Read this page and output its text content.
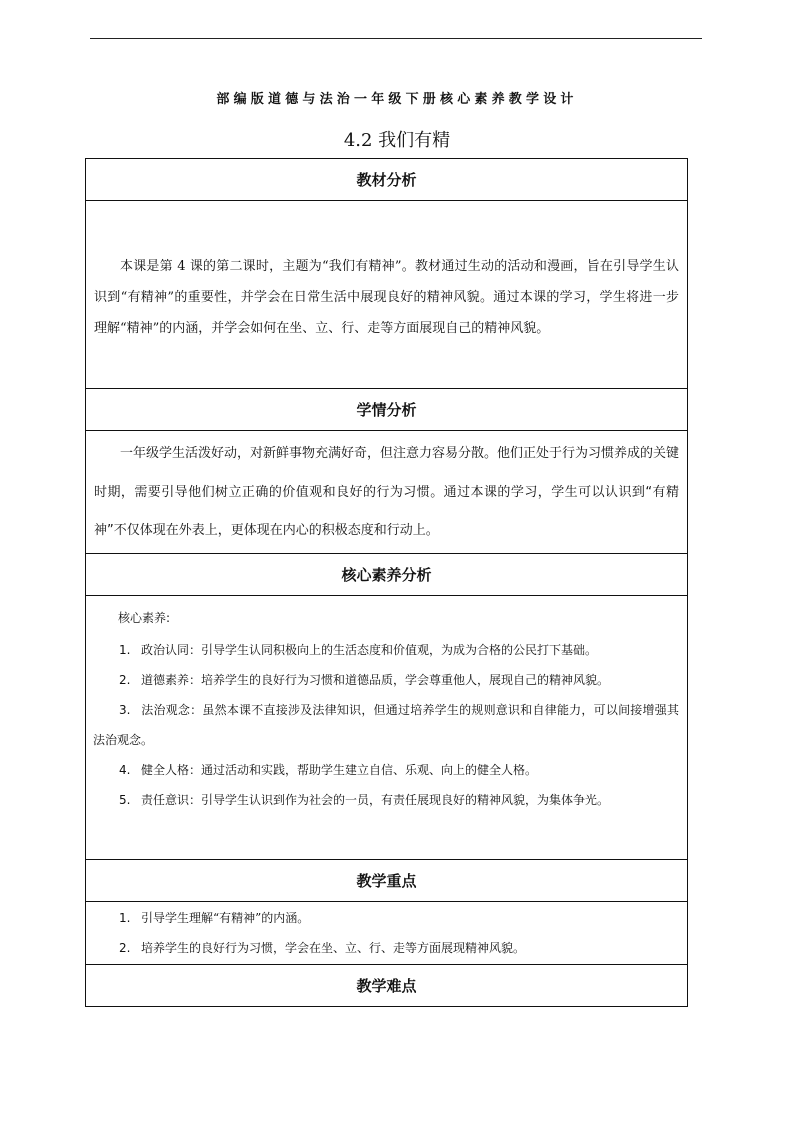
部编版道德与法治一年级下册核心素养教学设计
4.2 我们有精
教材分析

本课是第 4 课的第二课时，主题为“我们有精神”。教材通过生动的活动和漫画，旨在引导学生认识到“有精神”的重要性，并学会在日常生活中展现良好的精神风貌。通过本课的学习，学生将进一步理解“精神”的内涵，并学会如何在坐、立、行、走等方面展现自己的精神风貌。

学情分析

一年级学生活泼好动，对新鲜事物充满好奇，但注意力容易分散。他们正处于行为习惯养成的关键时期，需要引导他们树立正确的价值观和良好的行为习惯。通过本课的学习，学生可以认识到“有精神”不仅体现在外表上，更体现在内心的积极态度和行动上。

核心素养分析

核心素养:
1. 政治认同：引导学生认同积极向上的生活态度和价值观，为成为合格的公民打下基础。
2. 道德素养：培养学生的良好行为习惯和道德品质，学会尊重他人，展现自己的精神风貌。
3. 法治观念：虽然本课不直接涉及法律知识，但通过培养学生的规则意识和自律能力，可以间接增强其法治观念。
4. 健全人格：通过活动和实践，帮助学生建立自信、乐观、向上的健全人格。
5. 责任意识：引导学生认识到作为社会的一员，有责任展现良好的精神风貌，为集体争光。

教学重点

1. 引导学生理解“有精神”的内涵。
2. 培养学生的良好行为习惯，学会在坐、立、行、走等方面展现精神风貌。

教学难点
